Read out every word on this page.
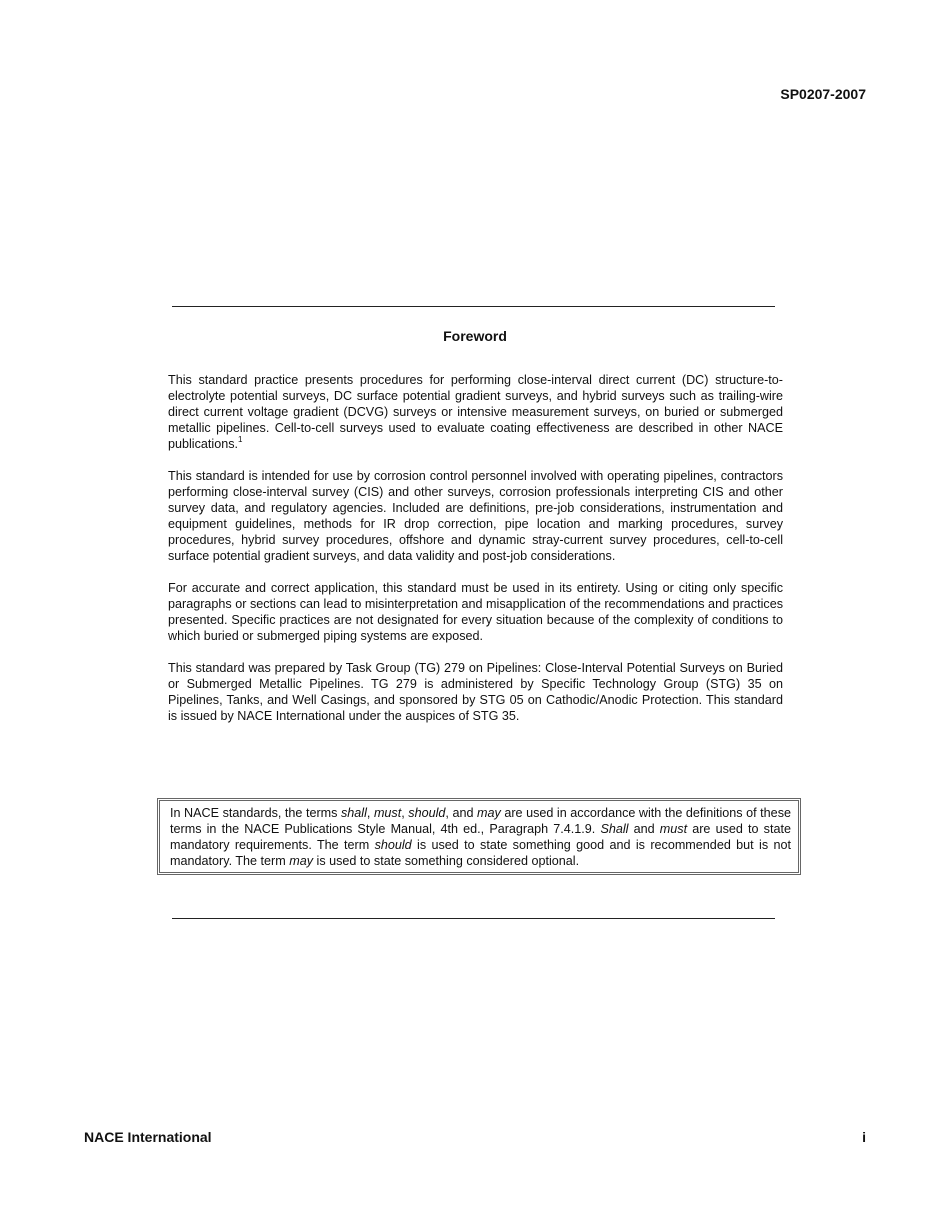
SP0207-2007
Foreword

This standard practice presents procedures for performing close-interval direct current (DC) structure-to-electrolyte potential surveys, DC surface potential gradient surveys, and hybrid surveys such as trailing-wire direct current voltage gradient (DCVG) surveys or intensive measurement surveys, on buried or submerged metallic pipelines. Cell-to-cell surveys used to evaluate coating effectiveness are described in other NACE publications.$^1$

This standard is intended for use by corrosion control personnel involved with operating pipelines, contractors performing close-interval survey (CIS) and other surveys, corrosion professionals interpreting CIS and other survey data, and regulatory agencies. Included are definitions, pre-job considerations, instrumentation and equipment guidelines, methods for IR drop correction, pipe location and marking procedures, survey procedures, hybrid survey procedures, offshore and dynamic stray-current survey procedures, cell-to-cell surface potential gradient surveys, and data validity and post-job considerations.

For accurate and correct application, this standard must be used in its entirety. Using or citing only specific paragraphs or sections can lead to misinterpretation and misapplication of the recommendations and practices presented. Specific practices are not designated for every situation because of the complexity of conditions to which buried or submerged piping systems are exposed.

This standard was prepared by Task Group (TG) 279 on Pipelines: Close-Interval Potential Surveys on Buried or Submerged Metallic Pipelines. TG 279 is administered by Specific Technology Group (STG) 35 on Pipelines, Tanks, and Well Casings, and sponsored by STG 05 on Cathodic/Anodic Protection. This standard is issued by NACE International under the auspices of STG 35.

In NACE standards, the terms shall, must, should, and may are used in accordance with the definitions of these terms in the NACE Publications Style Manual, 4th ed., Paragraph 7.4.1.9. Shall and must are used to state mandatory requirements. The term should is used to state something good and is recommended but is not mandatory. The term may is used to state something considered optional.
NACE International	i
